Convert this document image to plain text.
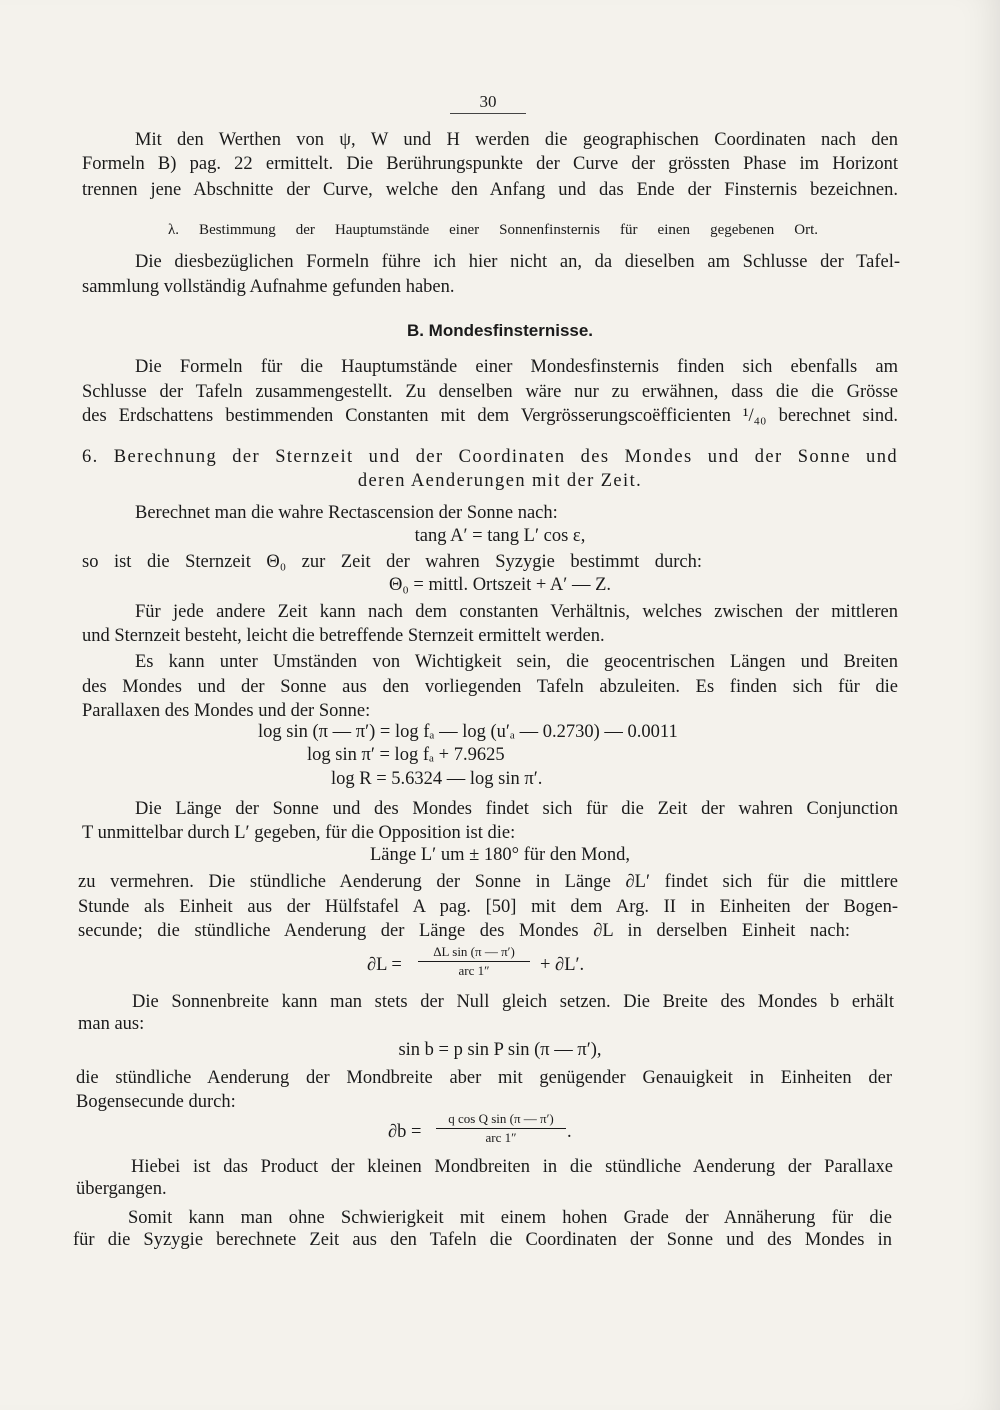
30
Mit den Werthen von ψ, W und H werden die geographischen Coordinaten nach den
Formeln B) pag. 22 ermittelt. Die Berührungspunkte der Curve der grössten Phase im Horizont
trennen jene Abschnitte der Curve, welche den Anfang und das Ende der Finsternis bezeichnen.
λ. Bestimmung der Hauptumstände einer Sonnenfinsternis für einen gegebenen Ort.
Die diesbezüglichen Formeln führe ich hier nicht an, da dieselben am Schlusse der Tafel-
sammlung vollständig Aufnahme gefunden haben.
B. Mondesfinsternisse.
Die Formeln für die Hauptumstände einer Mondesfinsternis finden sich ebenfalls am
Schlusse der Tafeln zusammengestellt. Zu denselben wäre nur zu erwähnen, dass die die Grösse
des Erdschattens bestimmenden Constanten mit dem Vergrösserungscoëfficienten ¹/₄₀ berechnet sind.
6. Berechnung der Sternzeit und der Coordinaten des Mondes und der Sonne und
deren Aenderungen mit der Zeit.
Berechnet man die wahre Rectascension der Sonne nach:
tang A′ = tang L′ cos ε,
so ist die Sternzeit Θ₀ zur Zeit der wahren Syzygie bestimmt durch:
Θ₀ = mittl. Ortszeit + A′ — Z.
Für jede andere Zeit kann nach dem constanten Verhältnis, welches zwischen der mittleren
und Sternzeit besteht, leicht die betreffende Sternzeit ermittelt werden.
Es kann unter Umständen von Wichtigkeit sein, die geocentrischen Längen und Breiten
des Mondes und der Sonne aus den vorliegenden Tafeln abzuleiten. Es finden sich für die
Parallaxen des Mondes und der Sonne:
log sin (π — π′) = log fₐ — log (u′ₐ — 0.2730) — 0.0011
log sin π′ = log fₐ + 7.9625
log R = 5.6324 — log sin π′.
Die Länge der Sonne und des Mondes findet sich für die Zeit der wahren Conjunction
T unmittelbar durch L′ gegeben, für die Opposition ist die:
Länge L′ um ± 180° für den Mond,
zu vermehren. Die stündliche Aenderung der Sonne in Länge ∂L′ findet sich für die mittlere
Stunde als Einheit aus der Hülfstafel A pag. [50] mit dem Arg. II in Einheiten der Bogen-
secunde; die stündliche Aenderung der Länge des Mondes ∂L in derselben Einheit nach:
∂L =
ΔL sin (π — π′)
arc 1″	+ ∂L′.
Die Sonnenbreite kann man stets der Null gleich setzen. Die Breite des Mondes b erhält
man aus:
sin b = p sin P sin (π — π′),
die stündliche Aenderung der Mondbreite aber mit genügender Genauigkeit in Einheiten der
Bogensecunde durch:
∂b =
q cos Q sin (π — π′)
arc 1″	.
Hiebei ist das Product der kleinen Mondbreiten in die stündliche Aenderung der Parallaxe
übergangen.
Somit kann man ohne Schwierigkeit mit einem hohen Grade der Annäherung für die
für die Syzygie berechnete Zeit aus den Tafeln die Coordinaten der Sonne und des Mondes in
